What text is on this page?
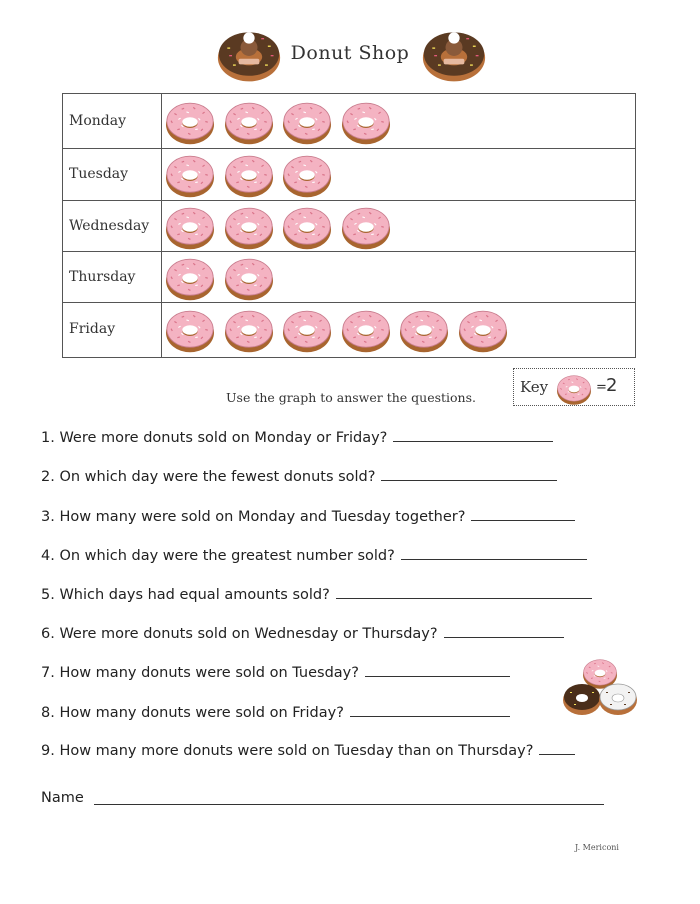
Donut Shop
Monday
Tuesday
Wednesday
Thursday
Friday
Use the graph to answer the questions.
Key	= 2
1. Were more donuts sold on Monday or Friday?
2. On which day were the fewest donuts sold?
3. How many were sold on Monday and Tuesday together?
4. On which day were the greatest number sold?
5. Which days had equal amounts sold?
6. Were more donuts sold on Wednesday or Thursday?
7. How many donuts were sold on Tuesday?
8. How many donuts were sold on Friday?
9. How many more donuts were sold on Tuesday than on Thursday?
Name
J. Mericoni
